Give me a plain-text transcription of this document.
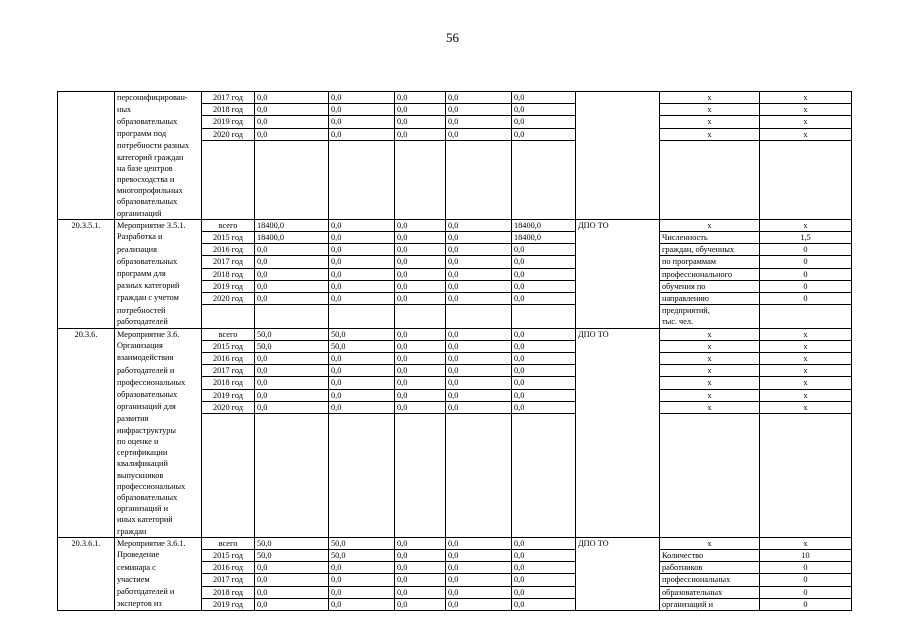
56
	персонифицирован-	2017 год	0,0	0,0	0,0	0,0	0,0		х	х
	ных	2018 год	0,0	0,0	0,0	0,0	0,0		х	х
	образовательных	2019 год	0,0	0,0	0,0	0,0	0,0		х	х
	программ под	2020 год	0,0	0,0	0,0	0,0	0,0		х	х
	потребности разных									
	категорий граждан									
	на базе центров									
	превосходства и									
	многопрофильных									
	образовательных									
	организаций									
20.3.5.1.	Мероприятие 3.5.1.	всего	18400,0	0,0	0,0	0,0	18400,0	ДПО ТО	х	х
	Разработка и	2015 год	18400,0	0,0	0,0	0,0	18400,0		Численность	1,5
	реализация	2016 год	0,0	0,0	0,0	0,0	0,0		граждан, обученных	0
	образовательных	2017 год	0,0	0,0	0,0	0,0	0,0		по программам	0
	программ для	2018 год	0,0	0,0	0,0	0,0	0,0		профессионального	0
	разных категорий	2019 год	0,0	0,0	0,0	0,0	0,0		обучения по	0
	граждан с учетом	2020 год	0,0	0,0	0,0	0,0	0,0		направлению	0
	потребностей								предприятий,	
	работодателей								тыс. чел.	
20.3.6.	Мероприятие 3.6.	всего	50,0	50,0	0,0	0,0	0,0	ДПО ТО	х	х
	Организация	2015 год	50,0	50,0	0,0	0,0	0,0		х	х
	взаимодействия	2016 год	0,0	0,0	0,0	0,0	0,0		х	х
	работодателей и	2017 год	0,0	0,0	0,0	0,0	0,0		х	х
	профессиональных	2018 год	0,0	0,0	0,0	0,0	0,0		х	х
	образовательных	2019 год	0,0	0,0	0,0	0,0	0,0		х	х
	организаций для	2020 год	0,0	0,0	0,0	0,0	0,0		х	х
	развития									
	инфраструктуры									
	по оценке и									
	сертификации									
	квалификаций									
	выпускников									
	профессиональных									
	образовательных									
	организаций и									
	иных категорий									
	граждан									
20.3.6.1.	Мероприятие 3.6.1.	всего	50,0	50,0	0,0	0,0	0,0	ДПО ТО	х	х
	Проведение	2015 год	50,0	50,0	0,0	0,0	0,0		Количество	10
	семинара с	2016 год	0,0	0,0	0,0	0,0	0,0		работников	0
	участием	2017 год	0,0	0,0	0,0	0,0	0,0		профессиональных	0
	работодателей и	2018 год	0,0	0,0	0,0	0,0	0,0		образовательных	0
	экспертов из	2019 год	0,0	0,0	0,0	0,0	0,0		организаций и	0
